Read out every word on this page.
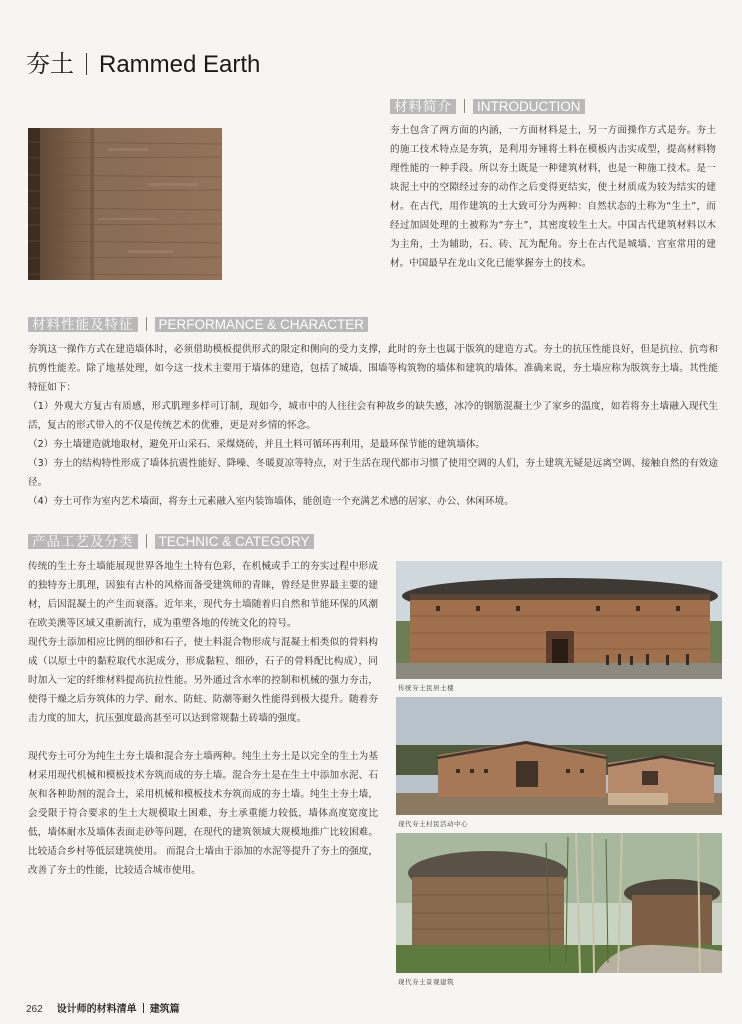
夯土 Rammed Earth
材料简介 INTRODUCTION

夯土包含了两方面的内涵，一方面材料是土，另一方面操作方式是夯。夯土的施工技术特点是夯筑，是利用夯锤将土料在模板内击实成型，提高材料物理性能的一种手段。所以夯土既是一种建筑材料，也是一种施工技术。是一块泥土中的空隙经过夯的动作之后变得更结实，使土材质成为较为结实的建材。在古代，用作建筑的土大致可分为两种：自然状态的土称为“生土”，而经过加固处理的土被称为“夯土”，其密度较生土大。中国古代建筑材料以木为主角，土为辅助，石、砖、瓦为配角。夯土在古代是城墙、宫室常用的建材。中国最早在龙山文化已能掌握夯土的技术。

材料性能及特征 PERFORMANCE & CHARACTER

夯筑这一操作方式在建造墙体时，必须借助模板提供形式的限定和侧向的受力支撑，此时的夯土也属于版筑的建造方式。夯土的抗压性能良好，但是抗拉、抗弯和抗剪性能差。除了地基处理，如今这一技术主要用于墙体的建造，包括了城墙、围墙等构筑物的墙体和建筑的墙体。准确来说，夯土墙应称为版筑夯土墙。其性能特征如下：

（1）外观大方复古有质感，形式肌理多样可订制，现如今，城市中的人往往会有种故乡的缺失感，冰冷的钢筋混凝土少了家乡的温度，如若将夯土墙融入现代生活，复古的形式带入的不仅是传统艺术的优雅，更是对乡情的怀念。

（2）夯土墙建造就地取材，避免开山采石、采煤烧砖，并且土料可循环再利用，是最环保节能的建筑墙体。

（3）夯土的结构特性形成了墙体抗震性能好、降噪、冬暖夏凉等特点，对于生活在现代都市习惯了使用空调的人们，夯土建筑无疑是远离空调、接触自然的有效途径。

（4）夯土可作为室内艺术墙面，将夯土元素融入室内装饰墙体，能创造一个充满艺术感的居家、办公、休闲环境。

产品工艺及分类 TECHNIC & CATEGORY

传统的生土夯土墙能展现世界各地生土特有色彩，在机械或手工的夯实过程中形成的独特夯土肌理，因独有古朴的风格而备受建筑师的青睐，曾经是世界最主要的建材，后因混凝土的产生而衰落。近年来，现代夯土墙随着归自然和节能环保的风潮在欧美澳等区域又重新流行，成为重塑各地的传统文化的符号。

现代夯土添加相应比例的细砂和石子，使土料混合物形成与混凝土相类似的骨料构成（以原土中的黏粒取代水泥成分，形成黏粒、细砂，石子的骨料配比构成），同时加入一定的纤维材料提高抗拉性能。另外通过含水率的控制和机械的强力夯击，使得干燥之后夯筑体的力学、耐水、防蛀、防潮等耐久性能得到极大提升。随着夯击力度的加大，抗压强度最高甚至可以达到常规黏土砖墙的强度。

现代夯土可分为纯生土夯土墙和混合夯土墙两种。纯生土夯土是以完全的生土为基材采用现代机械和模板技术夯筑而成的夯土墙。混合夯土是在生土中添加水泥、石灰和各种助剂的混合土，采用机械和模板技术夯筑而成的夯土墙。纯生土夯土墙，会受限于符合要求的生土大规模取土困难，夯土承重能力较低，墙体高度宽度比低，墙体耐水及墙体表面走砂等问题，在现代的建筑领域大规模地推广比较困难。比较适合乡村等低层建筑使用。 而混合土墙由于添加的水泥等提升了夯土的强度，改善了夯土的性能，比较适合城市使用。

传统夯土民居土楼
现代夯土村民活动中心
现代夯土景观建筑
262 设计师的材料清单 建筑篇
